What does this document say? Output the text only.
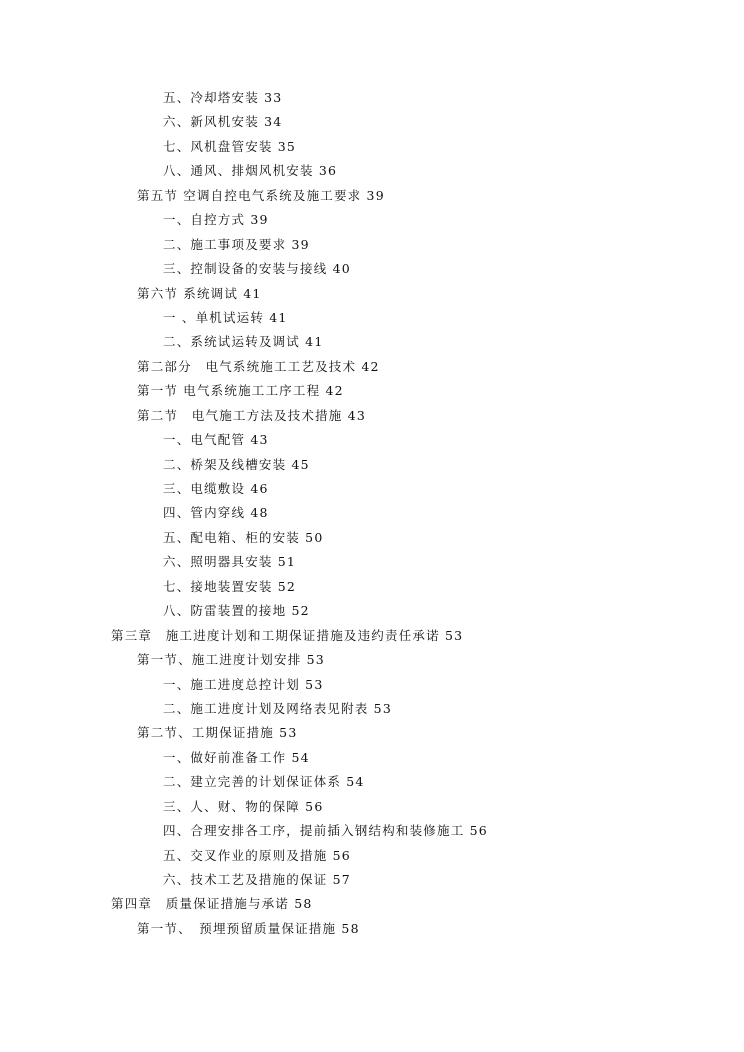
五、冷却塔安装 33
六、新风机安装 34
七、风机盘管安装 35
八、通风、排烟风机安装 36
第五节 空调自控电气系统及施工要求 39
一、自控方式 39
二、施工事项及要求 39
三、控制设备的安装与接线 40
第六节 系统调试 41
一 、单机试运转 41
二、系统试运转及调试 41
第二部分　电气系统施工工艺及技术 42
第一节 电气系统施工工序工程 42
第二节　电气施工方法及技术措施 43
一、电气配管 43
二、桥架及线槽安装 45
三、电缆敷设 46
四、管内穿线 48
五、配电箱、柜的安装 50
六、照明器具安装 51
七、接地装置安装 52
八、防雷装置的接地 52
第三章　施工进度计划和工期保证措施及违约责任承诺 53
第一节、施工进度计划安排 53
一、施工进度总控计划 53
二、施工进度计划及网络表见附表 53
第二节、工期保证措施 53
一、做好前准备工作 54
二、建立完善的计划保证体系 54
三、人、财、物的保障 56
四、合理安排各工序，提前插入钢结构和装修施工 56
五、交叉作业的原则及措施 56
六、技术工艺及措施的保证 57
第四章　质量保证措施与承诺 58
第一节、　预埋预留质量保证措施 58
